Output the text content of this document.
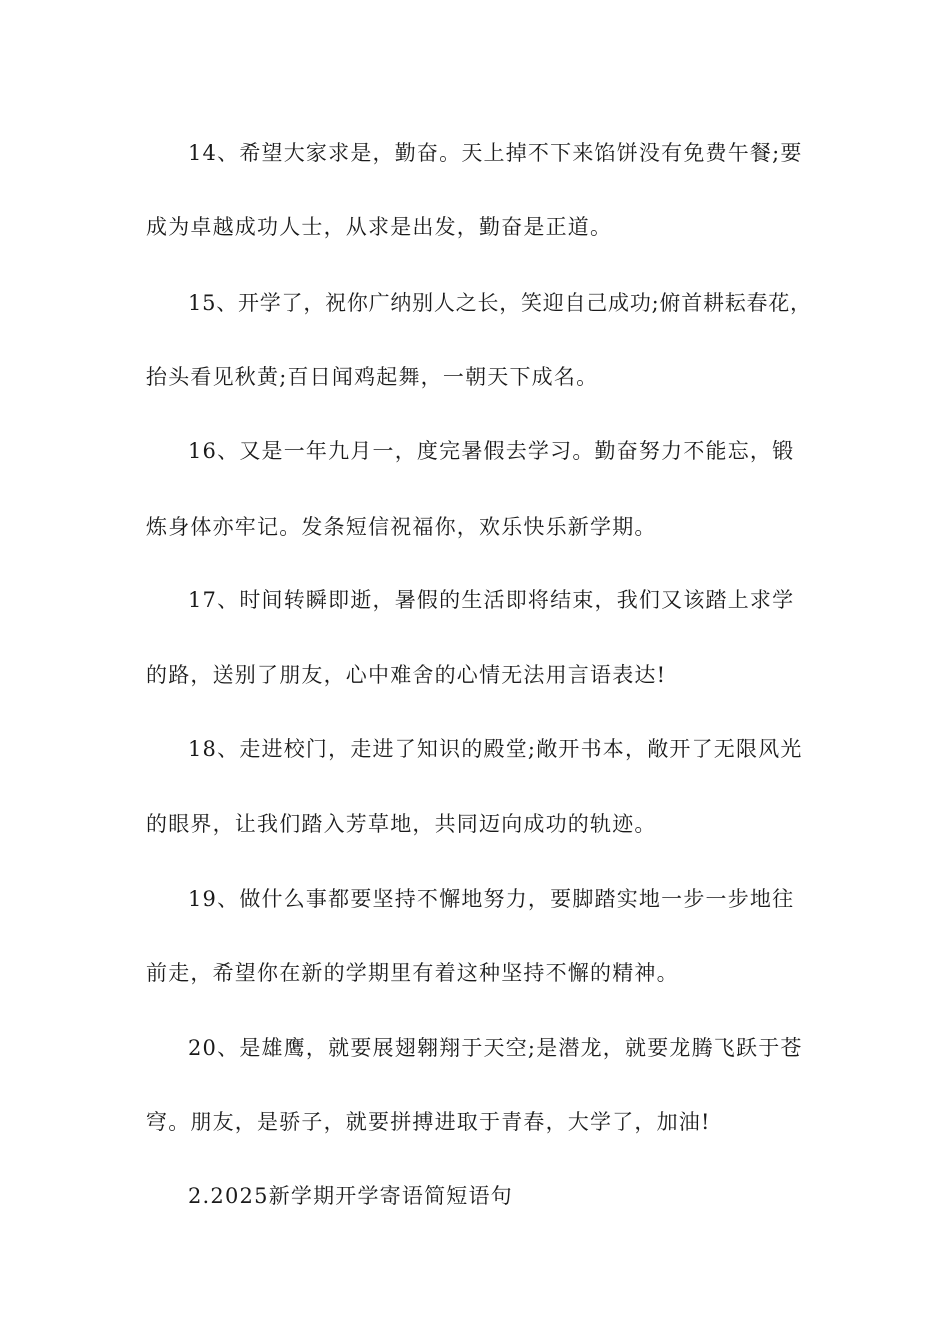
14、希望大家求是，勤奋。天上掉不下来馅饼没有免费午餐;要
成为卓越成功人士，从求是出发，勤奋是正道。
15、开学了，祝你广纳别人之长，笑迎自己成功;俯首耕耘春花，
抬头看见秋黄;百日闻鸡起舞，一朝天下成名。
16、又是一年九月一，度完暑假去学习。勤奋努力不能忘，锻
炼身体亦牢记。发条短信祝福你，欢乐快乐新学期。
17、时间转瞬即逝，暑假的生活即将结束，我们又该踏上求学
的路，送别了朋友，心中难舍的心情无法用言语表达!
18、走进校门，走进了知识的殿堂;敞开书本，敞开了无限风光
的眼界，让我们踏入芳草地，共同迈向成功的轨迹。
19、做什么事都要坚持不懈地努力，要脚踏实地一步一步地往
前走，希望你在新的学期里有着这种坚持不懈的精神。
20、是雄鹰，就要展翅翱翔于天空;是潜龙，就要龙腾飞跃于苍
穹。朋友，是骄子，就要拼搏进取于青春，大学了，加油!
2.2025新学期开学寄语简短语句
